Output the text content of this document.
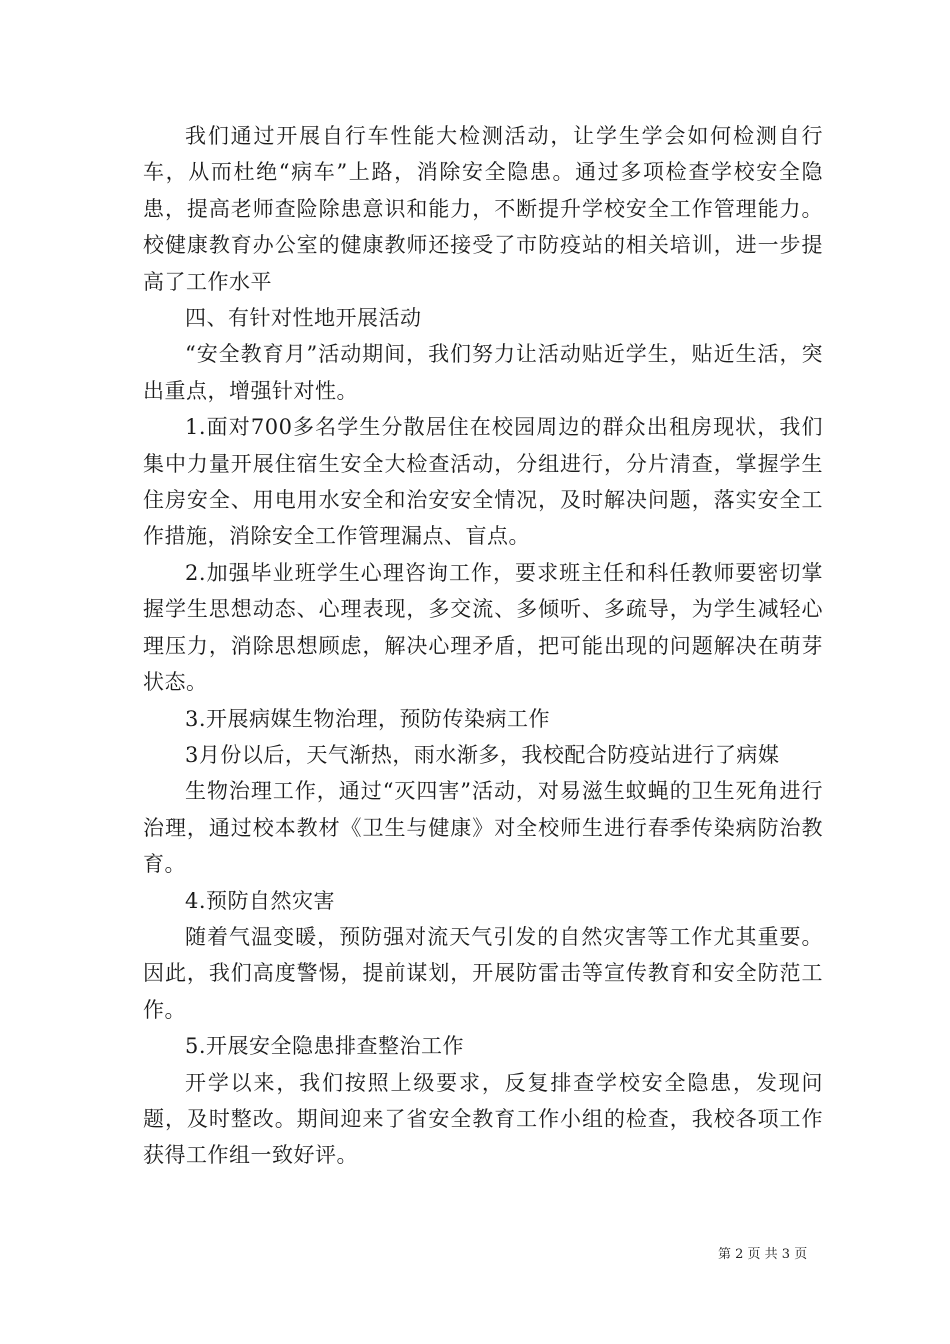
我们通过开展自行车性能大检测活动，让学生学会如何检测自行车，从而杜绝“病车”上路，消除安全隐患。通过多项检查学校安全隐患，提高老师查险除患意识和能力，不断提升学校安全工作管理能力。校健康教育办公室的健康教师还接受了市防疫站的相关培训，进一步提高了工作水平

四、有针对性地开展活动

“安全教育月”活动期间，我们努力让活动贴近学生，贴近生活，突出重点，增强针对性。

1.面对700多名学生分散居住在校园周边的群众出租房现状，我们集中力量开展住宿生安全大检查活动，分组进行，分片清查，掌握学生住房安全、用电用水安全和治安安全情况，及时解决问题，落实安全工作措施，消除安全工作管理漏点、盲点。

2.加强毕业班学生心理咨询工作，要求班主任和科任教师要密切掌握学生思想动态、心理表现，多交流、多倾听、多疏导，为学生减轻心理压力，消除思想顾虑，解决心理矛盾，把可能出现的问题解决在萌芽状态。

3.开展病媒生物治理，预防传染病工作

3月份以后，天气渐热，雨水渐多，我校配合防疫站进行了病媒

生物治理工作，通过“灭四害”活动，对易滋生蚊蝇的卫生死角进行治理，通过校本教材《卫生与健康》对全校师生进行春季传染病防治教育。

4.预防自然灾害

随着气温变暖，预防强对流天气引发的自然灾害等工作尤其重要。因此，我们高度警惕，提前谋划，开展防雷击等宣传教育和安全防范工作。

5.开展安全隐患排查整治工作

开学以来，我们按照上级要求，反复排查学校安全隐患，发现问题，及时整改。期间迎来了省安全教育工作小组的检查，我校各项工作获得工作组一致好评。

第 2 页 共 3 页
